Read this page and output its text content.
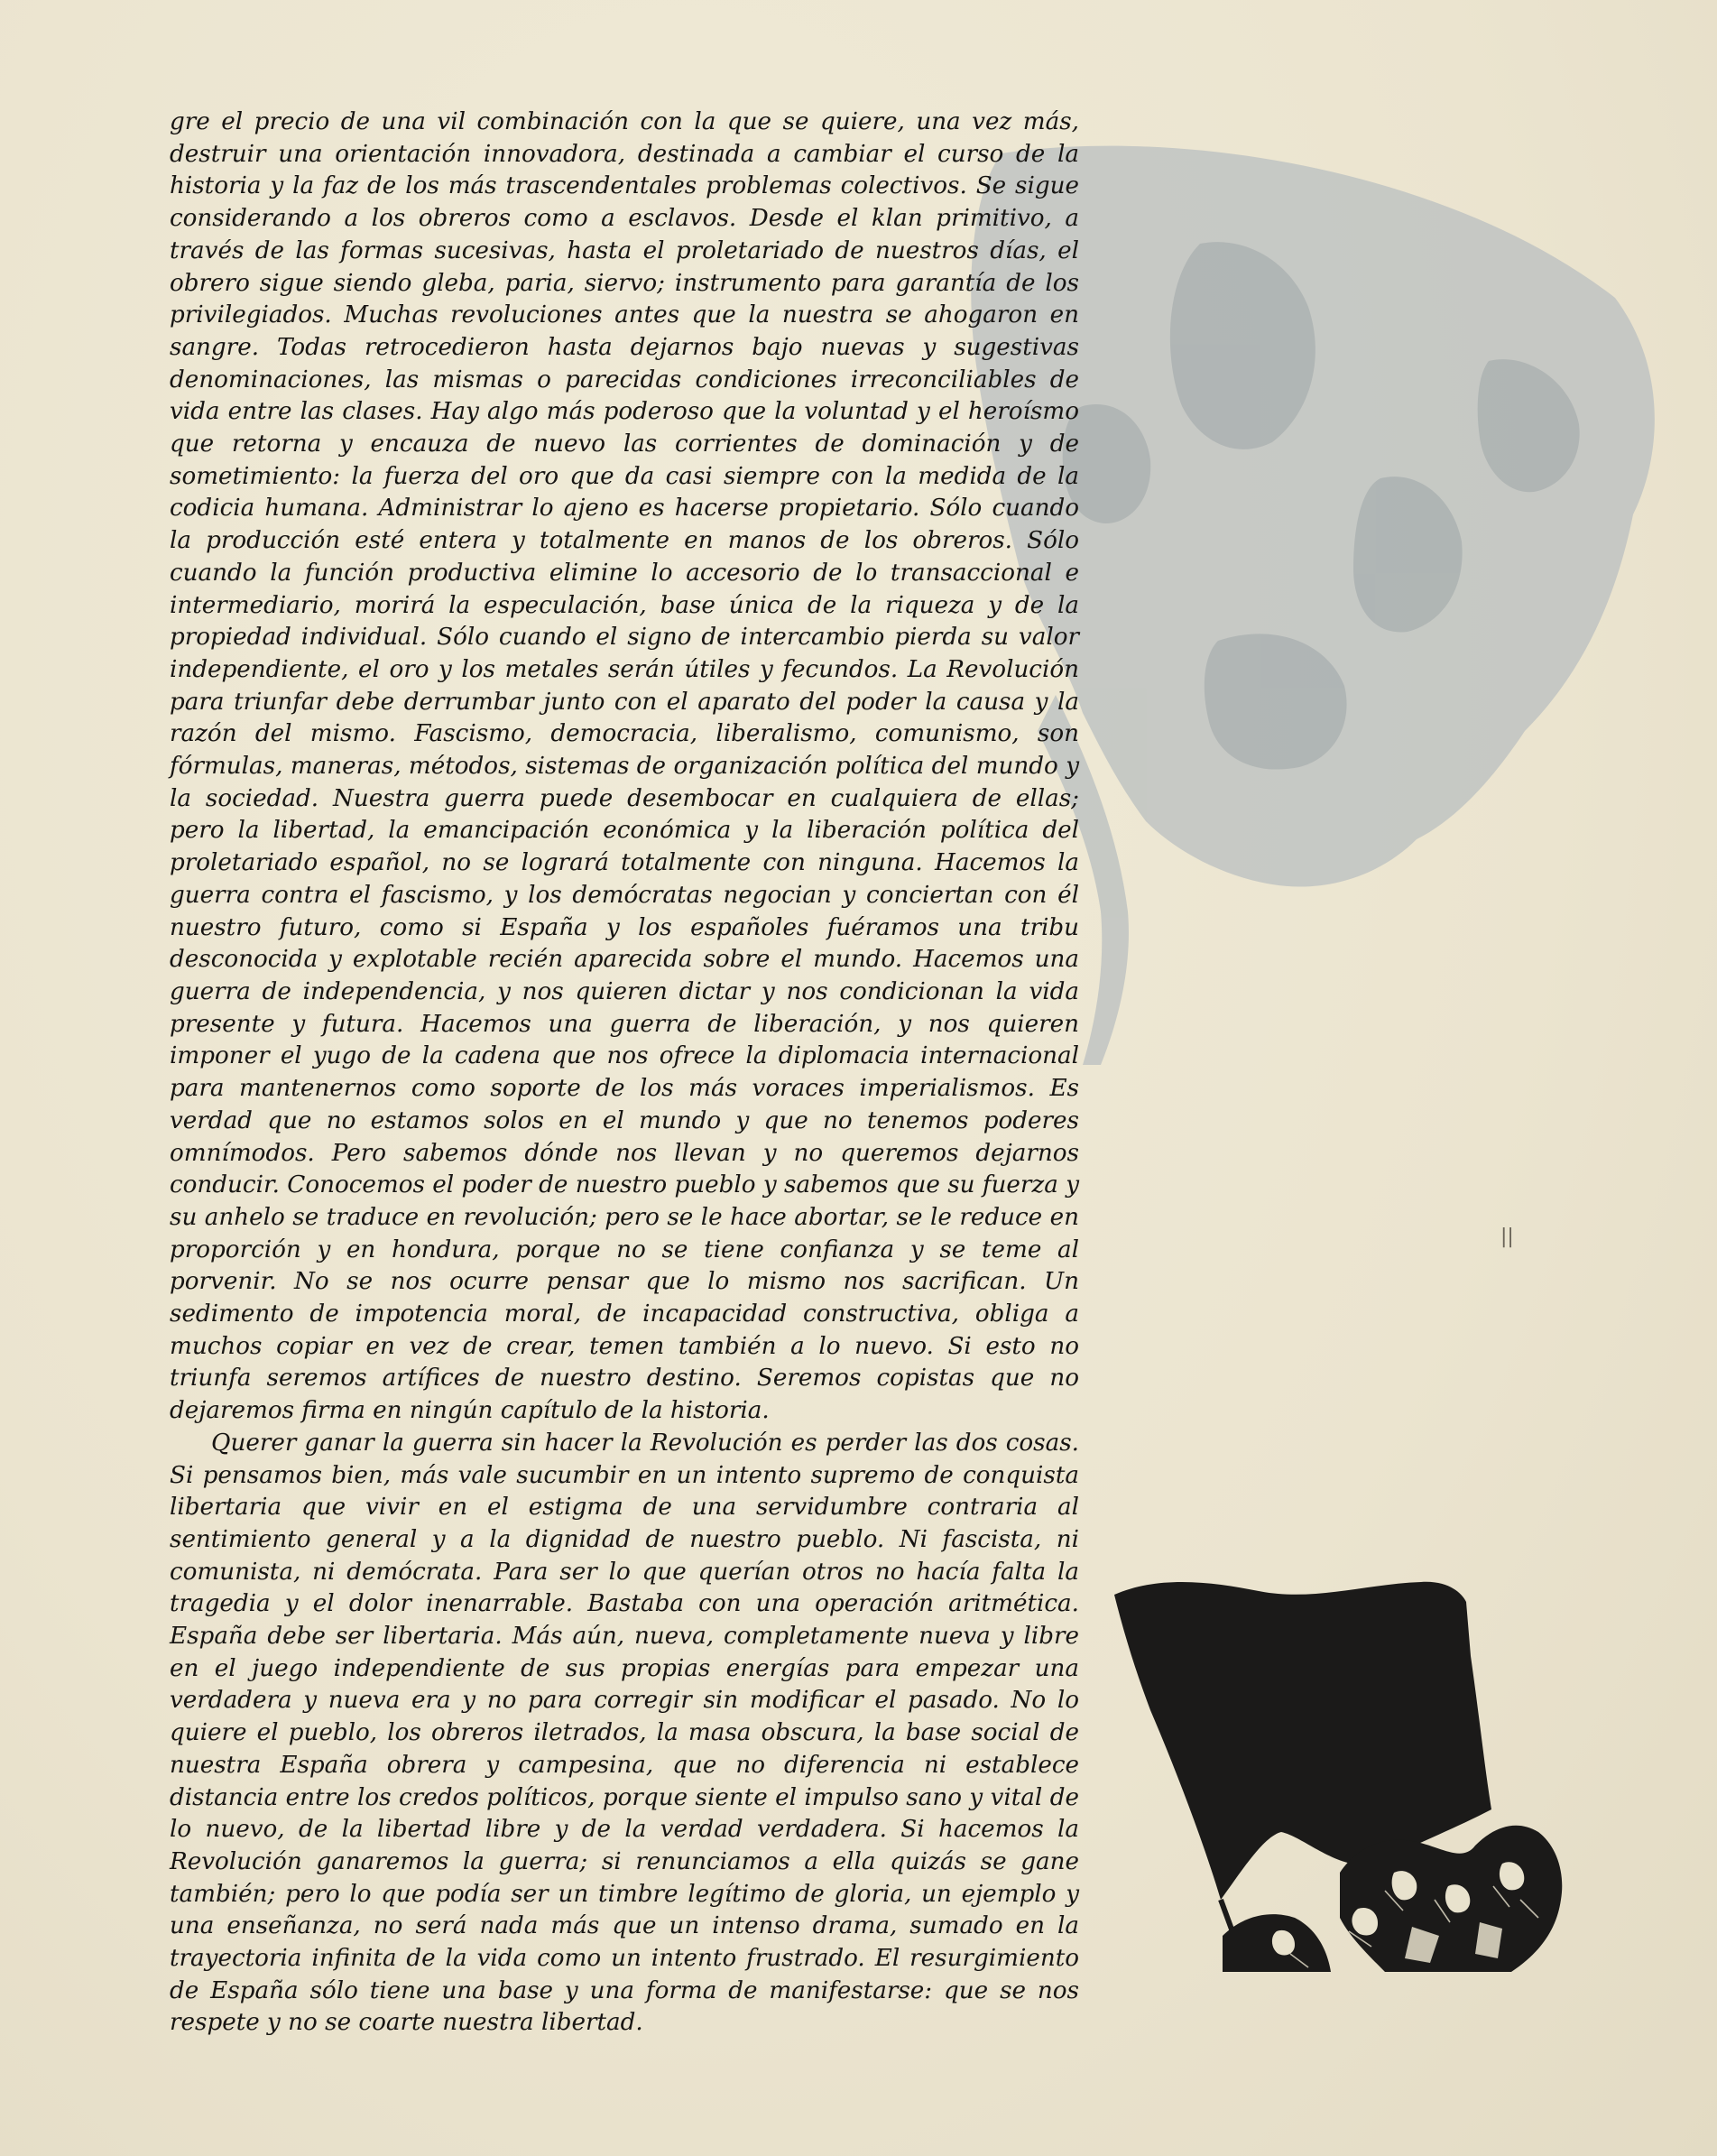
gre el precio de una vil combinación con la que se quiere, una vez más, destruir una orientación innovadora, destinada a cambiar el curso de la historia y la faz de los más trascendentales problemas colectivos. Se sigue considerando a los obreros como a esclavos. Desde el klan primitivo, a través de las formas sucesivas, hasta el proletariado de nuestros días, el obrero sigue siendo gleba, paria, siervo; instrumento para garantía de los privilegiados. Muchas revoluciones antes que la nuestra se ahogaron en sangre. Todas retrocedieron hasta dejarnos bajo nuevas y sugestivas denominaciones, las mismas o parecidas condiciones irreconciliables de vida entre las clases. Hay algo más poderoso que la voluntad y el heroísmo que retorna y encauza de nuevo las corrientes de dominación y de sometimiento: la fuerza del oro que da casi siempre con la medida de la codicia humana. Administrar lo ajeno es hacerse propietario. Sólo cuando la producción esté entera y totalmente en manos de los obreros. Sólo cuando la función productiva elimine lo accesorio de lo transaccional e intermediario, morirá la especulación, base única de la riqueza y de la propiedad individual. Sólo cuando el signo de intercambio pierda su valor independiente, el oro y los metales serán útiles y fecundos. La Revolución para triunfar debe derrumbar junto con el aparato del poder la causa y la razón del mismo. Fascismo, democracia, liberalismo, comunismo, son fórmulas, maneras, métodos, sistemas de organización política del mundo y la sociedad. Nuestra guerra puede desembocar en cualquiera de ellas; pero la libertad, la emancipación económica y la liberación política del proletariado español, no se logrará totalmente con ninguna. Hacemos la guerra contra el fascismo, y los demócratas negocian y conciertan con él nuestro futuro, como si España y los españoles fuéramos una tribu desconocida y explotable recién aparecida sobre el mundo. Hacemos una guerra de independencia, y nos quieren dictar y nos condicionan la vida presente y futura. Hacemos una guerra de liberación, y nos quieren imponer el yugo de la cadena que nos ofrece la diplomacia internacional para mantenernos como soporte de los más voraces imperialismos. Es verdad que no estamos solos en el mundo y que no tenemos poderes omnímodos. Pero sabemos dónde nos llevan y no queremos dejarnos conducir. Conocemos el poder de nuestro pueblo y sabemos que su fuerza y su anhelo se traduce en revolución; pero se le hace abortar, se le reduce en proporción y en hondura, porque no se tiene confianza y se teme al porvenir. No se nos ocurre pensar que lo mismo nos sacrifican. Un sedimento de impotencia moral, de incapacidad constructiva, obliga a muchos copiar en vez de crear, temen también a lo nuevo. Si esto no triunfa seremos artífices de nuestro destino. Seremos copistas que no dejaremos firma en ningún capítulo de la historia.

Querer ganar la guerra sin hacer la Revolución es perder las dos cosas. Si pensamos bien, más vale sucumbir en un intento supremo de conquista libertaria que vivir en el estigma de una servidumbre contraria al sentimiento general y a la dignidad de nuestro pueblo. Ni fascista, ni comunista, ni demócrata. Para ser lo que querían otros no hacía falta la tragedia y el dolor inenarrable. Bastaba con una operación aritmética. España debe ser libertaria. Más aún, nueva, completamente nueva y libre en el juego independiente de sus propias energías para empezar una verdadera y nueva era y no para corregir sin modificar el pasado. No lo quiere el pueblo, los obreros iletrados, la masa obscura, la base social de nuestra España obrera y campesina, que no diferencia ni establece distancia entre los credos políticos, porque siente el impulso sano y vital de lo nuevo, de la libertad libre y de la verdad verdadera. Si hacemos la Revolución ganaremos la guerra; si renunciamos a ella quizás se gane también; pero lo que podía ser un timbre legítimo de gloria, un ejemplo y una enseñanza, no será nada más que un intenso drama, sumado en la trayectoria infinita de la vida como un intento frustrado. El resurgimiento de España sólo tiene una base y una forma de manifestarse: que se nos respete y no se coarte nuestra libertad.

||
